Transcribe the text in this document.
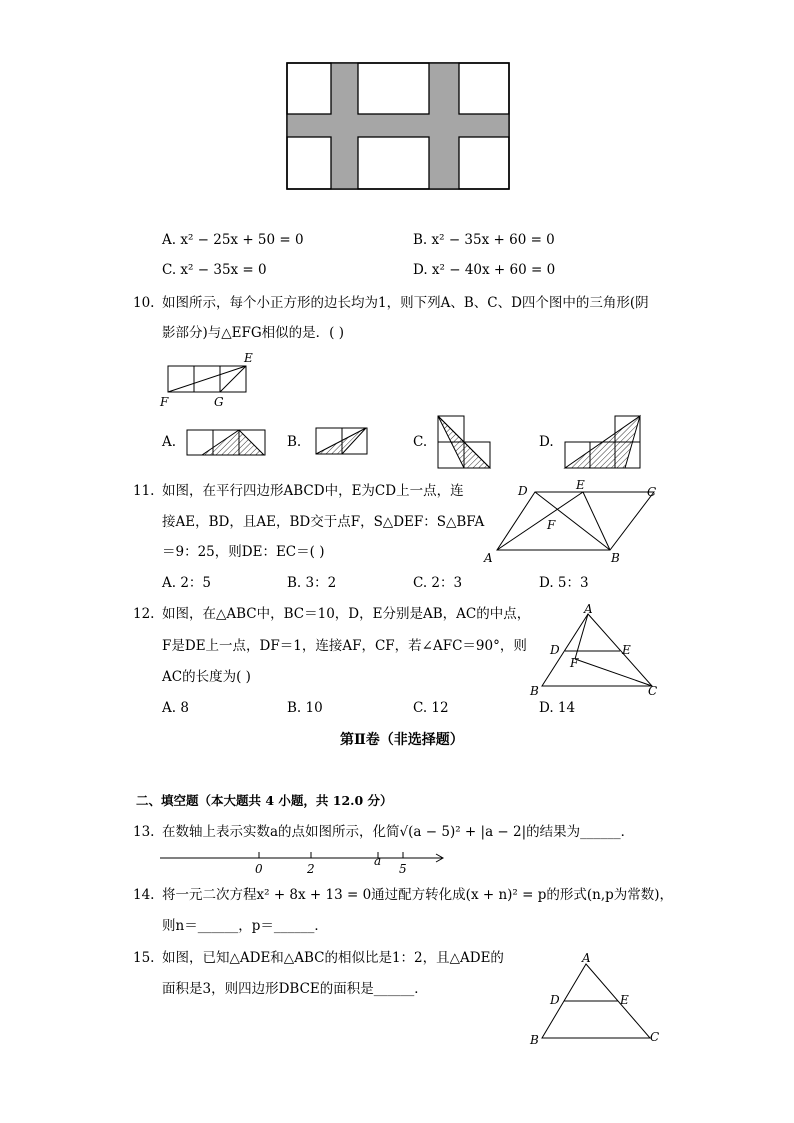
A. x² − 25x + 50 = 0	B. x² − 35x + 60 = 0
C. x² − 35x = 0	D. x² − 40x + 60 = 0
10. 如图所示，每个小正方形的边长均为1，则下列A、B、C、D四个图中的三角形(阴
影部分)与△EFG相似的是．( )
E
F	G
A.	B.	C.	D.
11. 如图，在平行四边形ABCD中，E为CD上一点，连
接AE，BD，且AE，BD交于点F，S△DEF：S△BFA
＝9：25，则DE：EC＝( )
D	E	C
F
A	B
A. 2：5	B. 3：2	C. 2：3	D. 5：3
12. 如图，在△ABC中，BC＝10，D，E分别是AB，AC的中点，
F是DE上一点，DF＝1，连接AF，CF，若∠AFC＝90°，则
AC的长度为( )
A
D	E
F
B	C
A. 8	B. 10	C. 12	D. 14
第Ⅱ卷（非选择题）
二、填空题（本大题共 4 小题，共 12.0 分）
13. 在数轴上表示实数a的点如图所示，化简√(a − 5)² + |a − 2|的结果为______．
0	2
a
5
14. 将一元二次方程x² + 8x + 13 = 0通过配方转化成(x + n)² = p的形式(n,p为常数)，
则n＝______，p＝______．
15. 如图，已知△ADE和△ABC的相似比是1：2，且△ADE的
面积是3，则四边形DBCE的面积是______．
A
D	E
B	C
